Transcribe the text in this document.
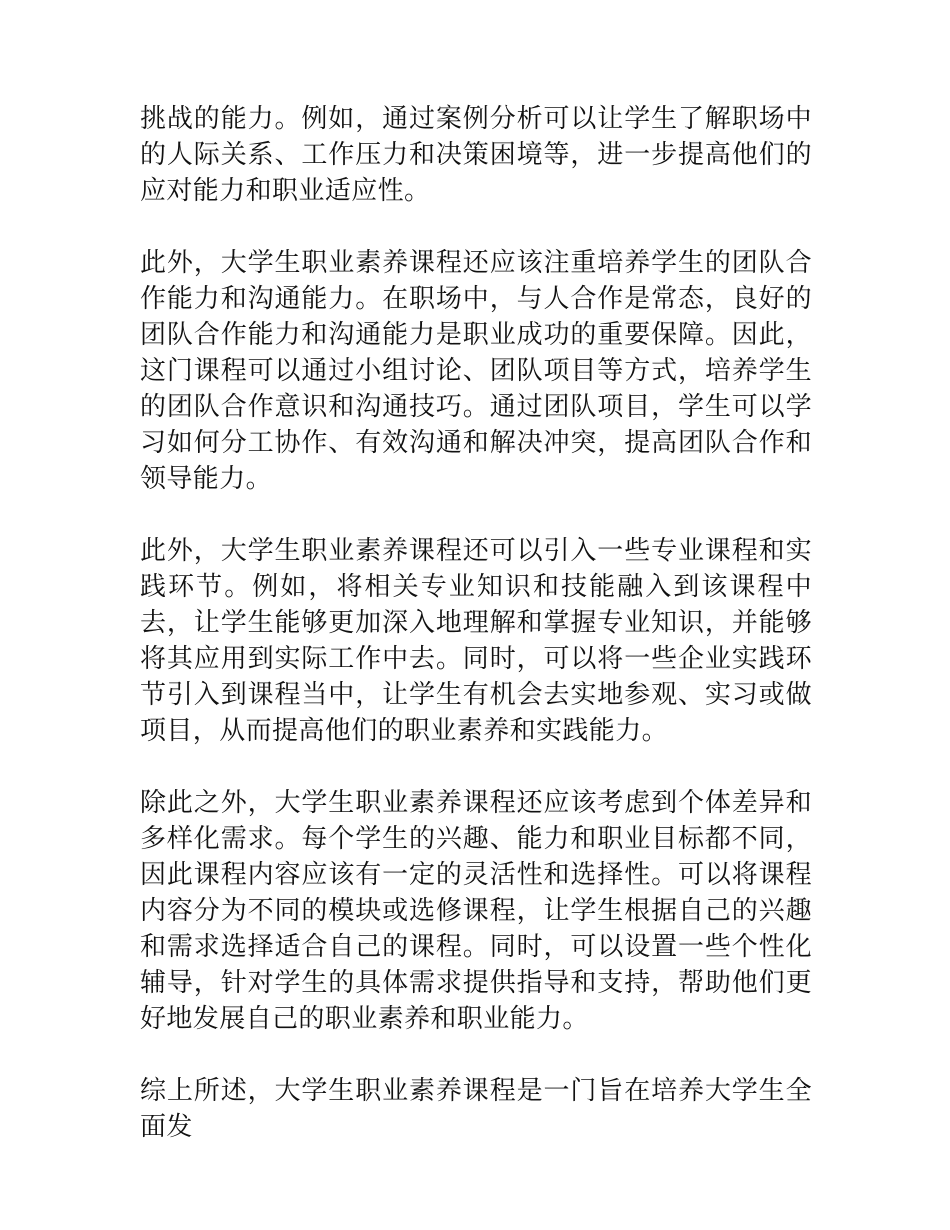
挑战的能力。例如，通过案例分析可以让学生了解职场中的人际关系、工作压力和决策困境等，进一步提高他们的应对能力和职业适应性。

此外，大学生职业素养课程还应该注重培养学生的团队合作能力和沟通能力。在职场中，与人合作是常态，良好的团队合作能力和沟通能力是职业成功的重要保障。因此，这门课程可以通过小组讨论、团队项目等方式，培养学生的团队合作意识和沟通技巧。通过团队项目，学生可以学习如何分工协作、有效沟通和解决冲突，提高团队合作和领导能力。

此外，大学生职业素养课程还可以引入一些专业课程和实践环节。例如，将相关专业知识和技能融入到该课程中去，让学生能够更加深入地理解和掌握专业知识，并能够将其应用到实际工作中去。同时，可以将一些企业实践环节引入到课程当中，让学生有机会去实地参观、实习或做项目，从而提高他们的职业素养和实践能力。

除此之外，大学生职业素养课程还应该考虑到个体差异和多样化需求。每个学生的兴趣、能力和职业目标都不同，因此课程内容应该有一定的灵活性和选择性。可以将课程内容分为不同的模块或选修课程，让学生根据自己的兴趣和需求选择适合自己的课程。同时，可以设置一些个性化辅导，针对学生的具体需求提供指导和支持，帮助他们更好地发展自己的职业素养和职业能力。

综上所述，大学生职业素养课程是一门旨在培养大学生全面发
